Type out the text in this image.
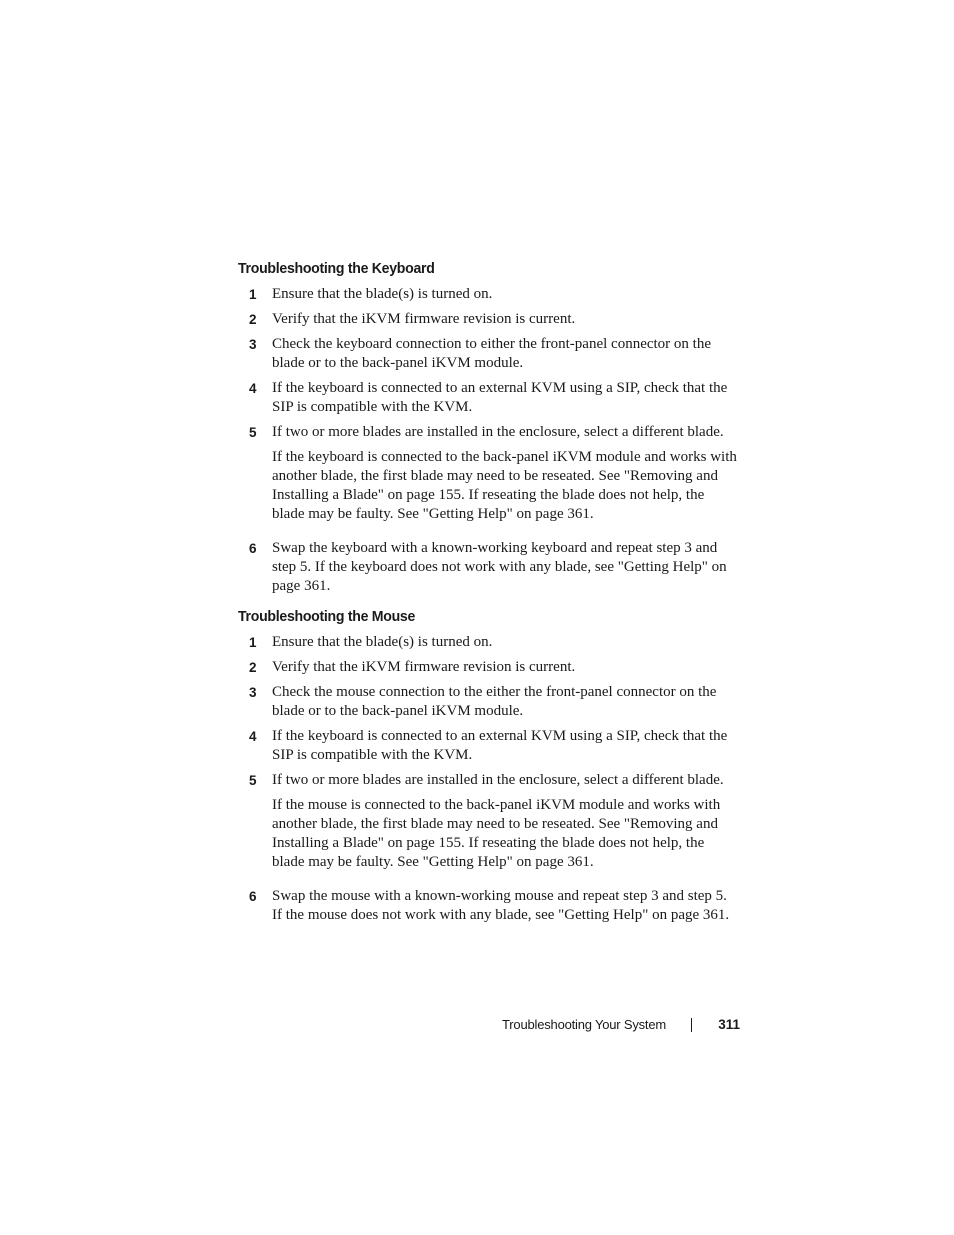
Troubleshooting the Keyboard
1	Ensure that the blade(s) is turned on.

2	Verify that the iKVM firmware revision is current.

3	Check the keyboard connection to either the front-panel connector on the blade or to the back-panel iKVM module.

4	If the keyboard is connected to an external KVM using a SIP, check that the SIP is compatible with the KVM.

5	If two or more blades are installed in the enclosure, select a different blade.

If the keyboard is connected to the back-panel iKVM module and works with another blade, the first blade may need to be reseated. See "Removing and Installing a Blade" on page 155. If reseating the blade does not help, the blade may be faulty. See "Getting Help" on page 361.

6	Swap the keyboard with a known-working keyboard and repeat step 3 and step 5. If the keyboard does not work with any blade, see "Getting Help" on page 361.

Troubleshooting the Mouse
1	Ensure that the blade(s) is turned on.

2	Verify that the iKVM firmware revision is current.

3	Check the mouse connection to the either the front-panel connector on the blade or to the back-panel iKVM module.

4	If the keyboard is connected to an external KVM using a SIP, check that the SIP is compatible with the KVM.

5	If two or more blades are installed in the enclosure, select a different blade.

If the mouse is connected to the back-panel iKVM module and works with another blade, the first blade may need to be reseated. See "Removing and Installing a Blade" on page 155. If reseating the blade does not help, the blade may be faulty. See "Getting Help" on page 361.

6	Swap the mouse with a known-working mouse and repeat step 3 and step 5. If the mouse does not work with any blade, see "Getting Help" on page 361.

Troubleshooting Your System	311
